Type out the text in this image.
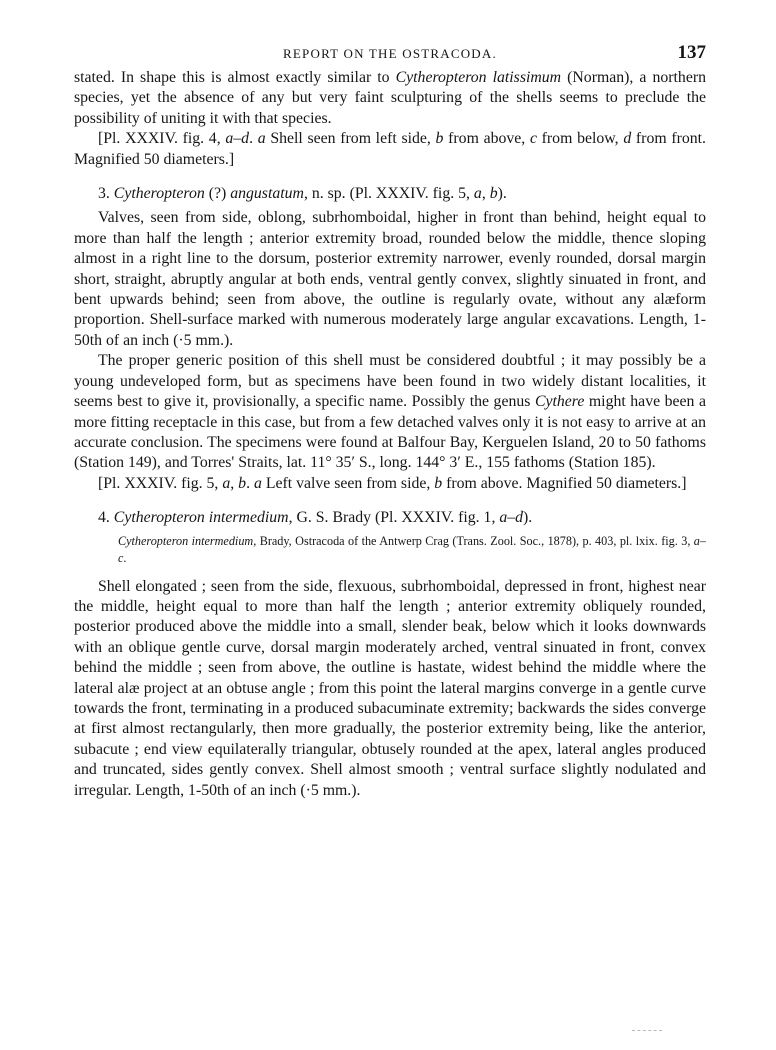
REPORT ON THE OSTRACODA.	137

stated. In shape this is almost exactly similar to Cytheropteron latissimum (Norman), a northern species, yet the absence of any but very faint sculpturing of the shells seems to preclude the possibility of uniting it with that species.

[Pl. XXXIV. fig. 4, a–d. a Shell seen from left side, b from above, c from below, d from front. Magnified 50 diameters.]

3. Cytheropteron (?) angustatum, n. sp. (Pl. XXXIV. fig. 5, a, b).

Valves, seen from side, oblong, subrhomboidal, higher in front than behind, height equal to more than half the length ; anterior extremity broad, rounded below the middle, thence sloping almost in a right line to the dorsum, posterior extremity narrower, evenly rounded, dorsal margin short, straight, abruptly angular at both ends, ventral gently convex, slightly sinuated in front, and bent upwards behind; seen from above, the outline is regularly ovate, without any alæform proportion. Shell-surface marked with numerous moderately large angular excavations. Length, 1-50th of an inch (·5 mm.).

The proper generic position of this shell must be considered doubtful ; it may possibly be a young undeveloped form, but as specimens have been found in two widely distant localities, it seems best to give it, provisionally, a specific name. Possibly the genus Cythere might have been a more fitting receptacle in this case, but from a few detached valves only it is not easy to arrive at an accurate conclusion. The specimens were found at Balfour Bay, Kerguelen Island, 20 to 50 fathoms (Station 149), and Torres' Straits, lat. 11° 35′ S., long. 144° 3′ E., 155 fathoms (Station 185).

[Pl. XXXIV. fig. 5, a, b. a Left valve seen from side, b from above. Magnified 50 diameters.]

4. Cytheropteron intermedium, G. S. Brady (Pl. XXXIV. fig. 1, a–d).
Cytheropteron intermedium, Brady, Ostracoda of the Antwerp Crag (Trans. Zool. Soc., 1878), p. 403, pl. lxix. fig. 3, a–c.

Shell elongated ; seen from the side, flexuous, subrhomboidal, depressed in front, highest near the middle, height equal to more than half the length ; anterior extremity obliquely rounded, posterior produced above the middle into a small, slender beak, below which it looks downwards with an oblique gentle curve, dorsal margin moderately arched, ventral sinuated in front, convex behind the middle ; seen from above, the outline is hastate, widest behind the middle where the lateral alæ project at an obtuse angle ; from this point the lateral margins converge in a gentle curve towards the front, terminating in a produced subacuminate extremity; backwards the sides converge at first almost rectangularly, then more gradually, the posterior extremity being, like the anterior, subacute ; end view equilaterally triangular, obtusely rounded at the apex, lateral angles produced and truncated, sides gently convex. Shell almost smooth ; ventral surface slightly nodulated and irregular. Length, 1-50th of an inch (·5 mm.).
